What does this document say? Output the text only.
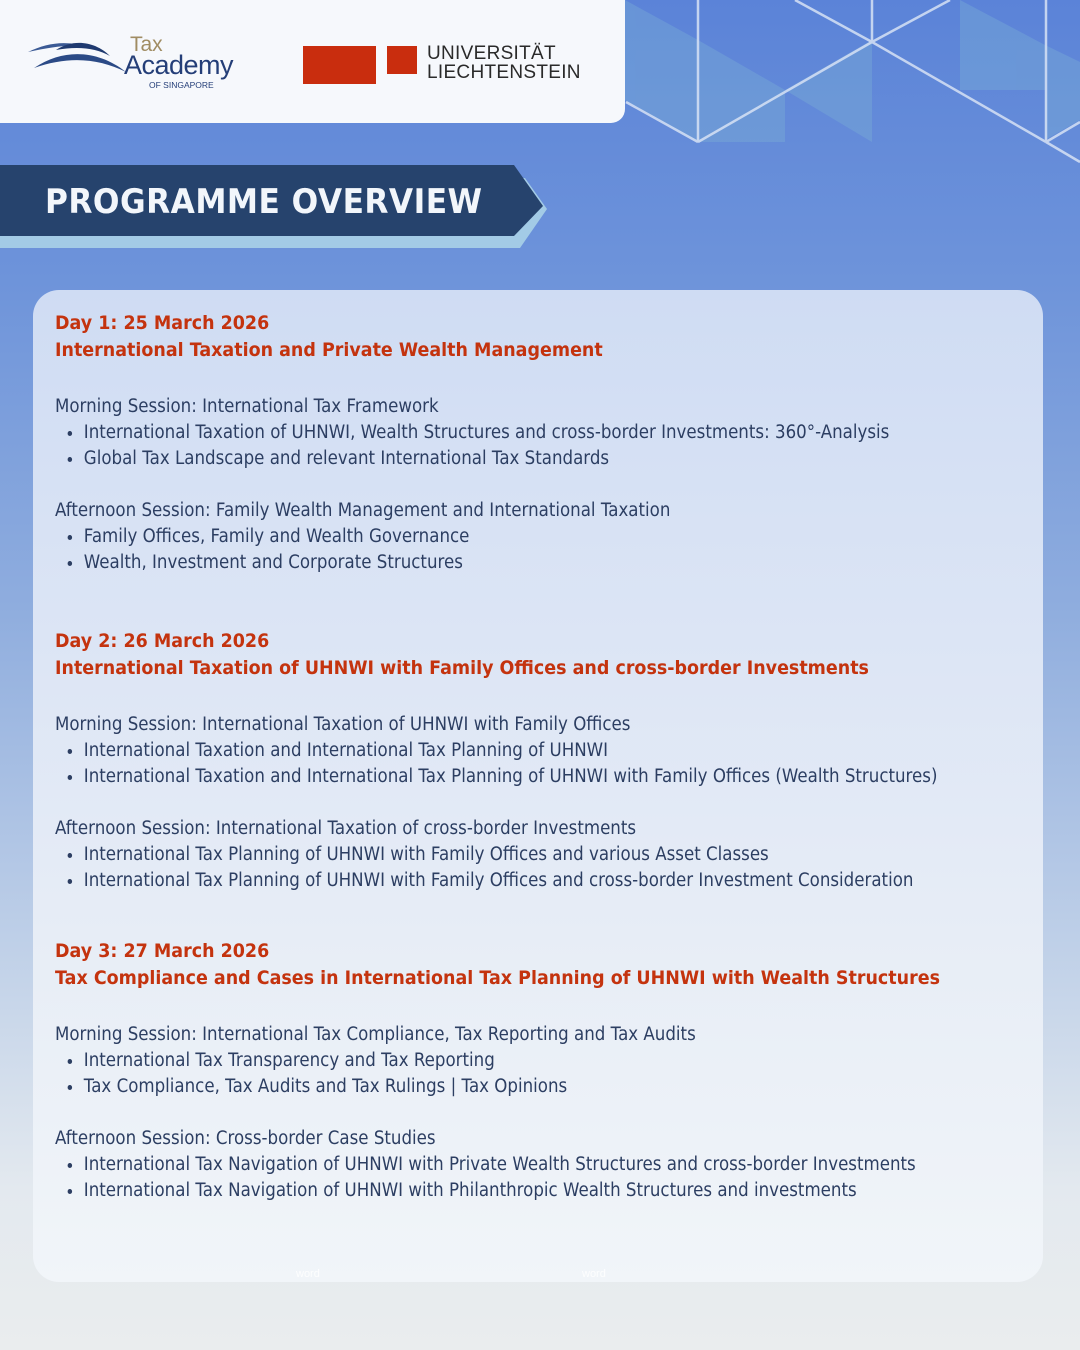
Tax
Academy
OF SINGAPORE
UNIVERSITÄT
LIECHTENSTEIN
PROGRAMME OVERVIEW
Day 1: 25 March 2026
International Taxation and Private Wealth Management
Morning Session: International Tax Framework
International Taxation of UHNWI, Wealth Structures and cross-border Investments: 360°-Analysis
Global Tax Landscape and relevant International Tax Standards
Afternoon Session: Family Wealth Management and International Taxation
Family Offices, Family and Wealth Governance
Wealth, Investment and Corporate Structures
Day 2: 26 March 2026
International Taxation of UHNWI with Family Offices and cross-border Investments
Morning Session: International Taxation of UHNWI with Family Offices
International Taxation and International Tax Planning of UHNWI
International Taxation and International Tax Planning of UHNWI with Family Offices (Wealth Structures)
Afternoon Session: International Taxation of cross-border Investments
International Tax Planning of UHNWI with Family Offices and various Asset Classes
International Tax Planning of UHNWI with Family Offices and cross-border Investment Consideration
Day 3: 27 March 2026
Tax Compliance and Cases in International Tax Planning of UHNWI with Wealth Structures
Morning Session: International Tax Compliance, Tax Reporting and Tax Audits
International Tax Transparency and Tax Reporting
Tax Compliance, Tax Audits and Tax Rulings | Tax Opinions
Afternoon Session: Cross-border Case Studies
International Tax Navigation of UHNWI with Private Wealth Structures and cross-border Investments
International Tax Navigation of UHNWI with Philanthropic Wealth Structures and investments
word	word
